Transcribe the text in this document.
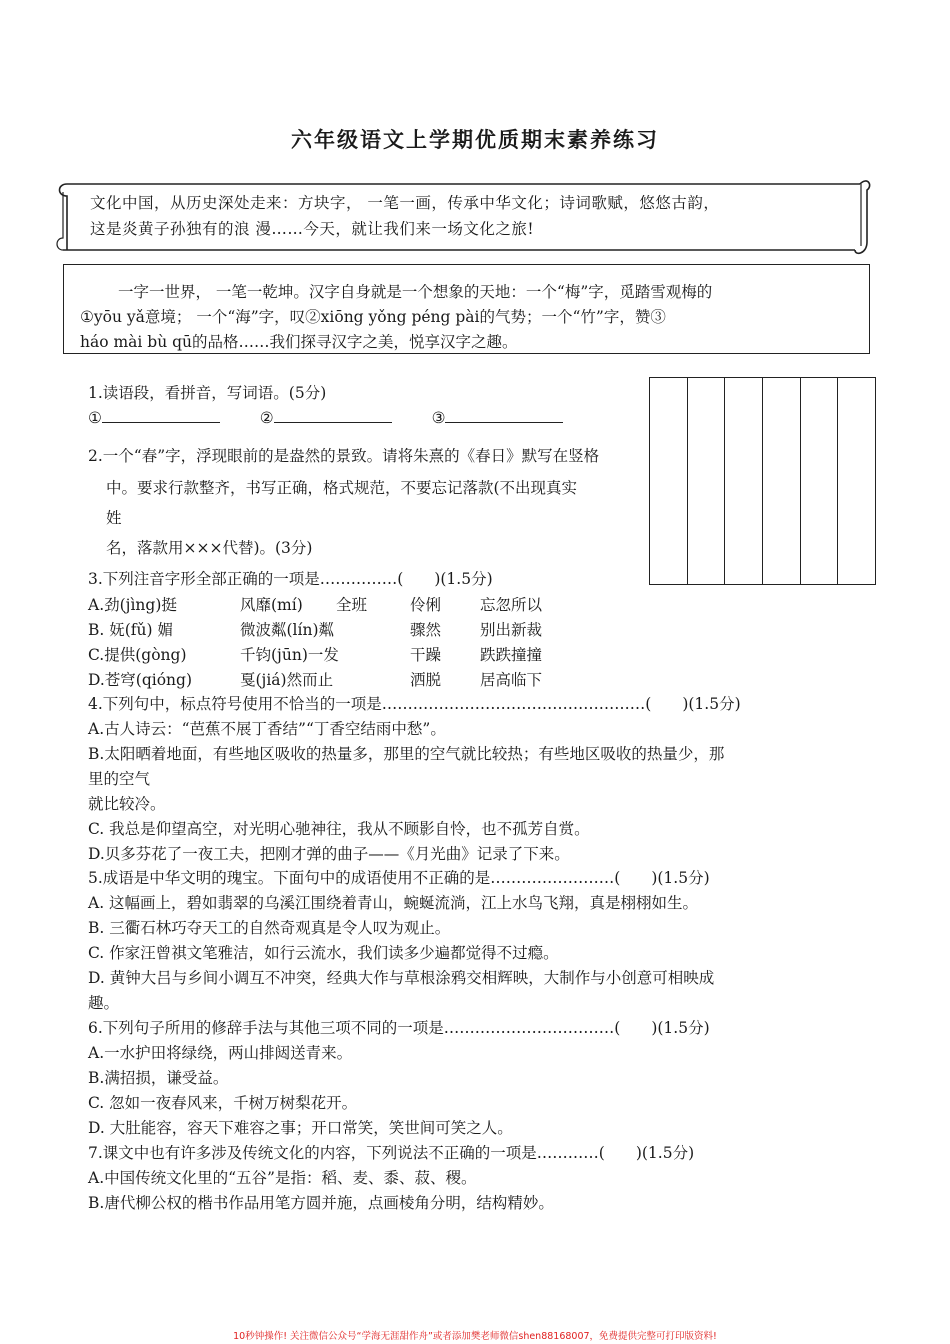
六年级语文上学期优质期末素养练习
文化中国，从历史深处走来：方块字， 一笔一画，传承中华文化；诗词歌赋，悠悠古韵，
这是炎黄子孙独有的浪 漫……今天，就让我们来一场文化之旅!
一字一世界， 一笔一乾坤。汉字自身就是一个想象的天地：一个“梅”字，觅踏雪观梅的
①yōu yǎ意境； 一个“海”字，叹②xiōng yǒng péng pài的气势；一个“竹”字，赞③
háo mài bù qū的品格……我们探寻汉字之美，悦享汉字之趣。
1.读语段，看拼音，写词语。(5分)
①	②	③
2.一个“春”字，浮现眼前的是盎然的景致。请将朱熹的《春日》默写在竖格
中。要求行款整齐，书写正确，格式规范，不要忘记落款(不出现真实
姓
名，落款用×××代替)。(3分)
3.下列注音字形全部正确的一项是……………(　　)(1.5分)
A.劲(jìng)挺	风靡(mí) 全班	伶俐	忘忽所以
B. 妩(fǔ) 媚	微波粼(lín)粼	骤然	别出新裁
C.提供(gòng)	千钧(jūn)一发	干躁	跌跌撞撞
D.苍穹(qióng)	戛(jiá)然而止	洒脱	居高临下
4.下列句中，标点符号使用不恰当的一项是……………………………………………(　　)(1.5分)
A.古人诗云：“芭蕉不展丁香结”“丁香空结雨中愁”。
B.太阳晒着地面，有些地区吸收的热量多，那里的空气就比较热；有些地区吸收的热量少，那
里的空气
就比较冷。
C. 我总是仰望高空，对光明心驰神往，我从不顾影自怜，也不孤芳自赏。
D.贝多芬花了一夜工夫，把刚才弹的曲子——《月光曲》记录了下来。
5.成语是中华文明的瑰宝。下面句中的成语使用不正确的是……………………(　　)(1.5分)
A. 这幅画上，碧如翡翠的乌溪江围绕着青山，蜿蜒流淌，江上水鸟飞翔，真是栩栩如生。
B. 三衢石林巧夺天工的自然奇观真是令人叹为观止。
C. 作家汪曾祺文笔雅洁，如行云流水，我们读多少遍都觉得不过瘾。
D. 黄钟大吕与乡间小调互不冲突，经典大作与草根涂鸦交相辉映，大制作与小创意可相映成
趣。
6.下列句子所用的修辞手法与其他三项不同的一项是……………………………(　　)(1.5分)
A.一水护田将绿绕，两山排闼送青来。
B.满招损，谦受益。
C. 忽如一夜春风来，千树万树梨花开。
D. 大肚能容，容天下难容之事；开口常笑，笑世间可笑之人。
7.课文中也有许多涉及传统文化的内容，下列说法不正确的一项是…………(　　)(1.5分)
A.中国传统文化里的“五谷”是指：稻、麦、黍、菽、稷。
B.唐代柳公权的楷书作品用笔方圆并施，点画棱角分明，结构精妙。
10秒钟操作! 关注微信公众号“学海无涯甜作舟”或者添加樊老师微信shen88168007，免费提供完整可打印版资料!
